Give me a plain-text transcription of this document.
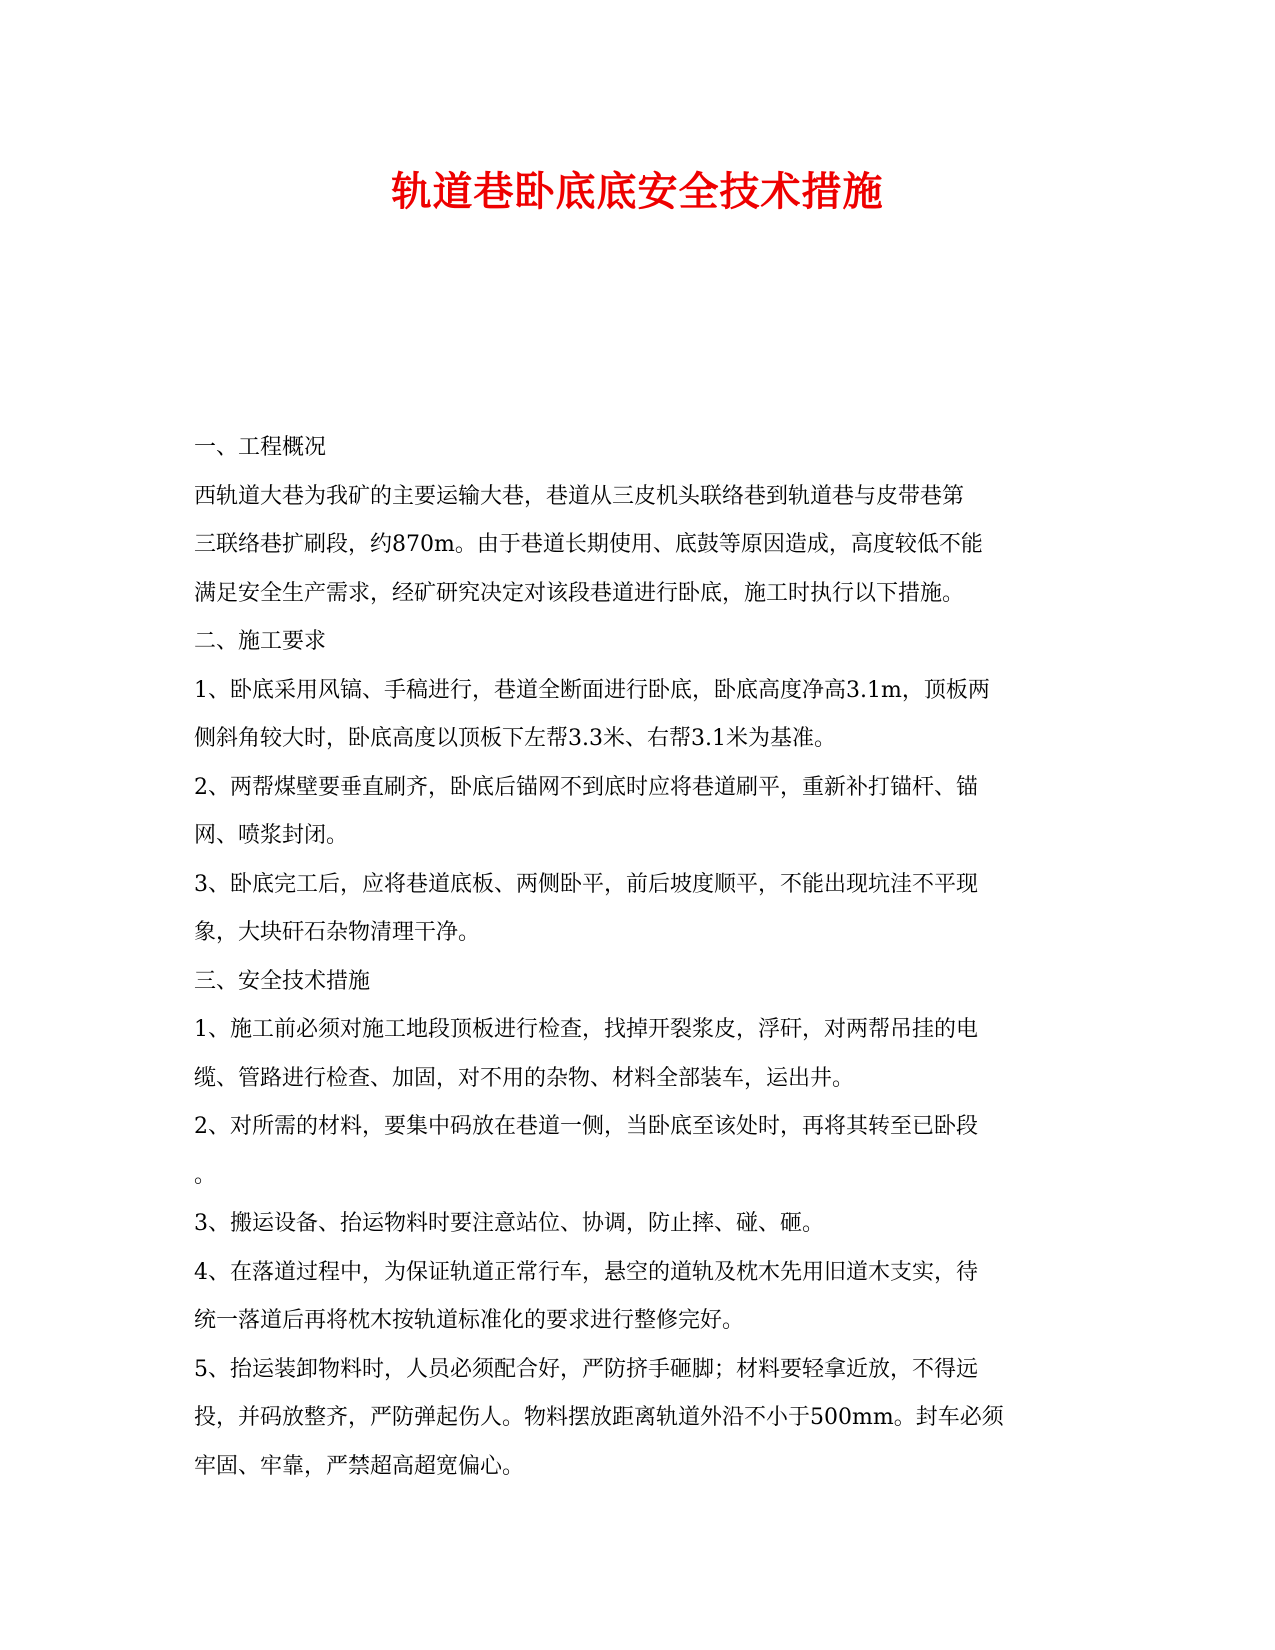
轨道巷卧底底安全技术措施

一、工程概况

西轨道大巷为我矿的主要运输大巷，巷道从三皮机头联络巷到轨道巷与皮带巷第

三联络巷扩刷段，约870m。由于巷道长期使用、底鼓等原因造成，高度较低不能

满足安全生产需求，经矿研究决定对该段巷道进行卧底，施工时执行以下措施。

二、施工要求

1、卧底采用风镐、手稿进行，巷道全断面进行卧底，卧底高度净高3.1m，顶板两

侧斜角较大时，卧底高度以顶板下左帮3.3米、右帮3.1米为基准。

2、两帮煤壁要垂直刷齐，卧底后锚网不到底时应将巷道刷平，重新补打锚杆、锚

网、喷浆封闭。

3、卧底完工后，应将巷道底板、两侧卧平，前后坡度顺平，不能出现坑洼不平现

象，大块矸石杂物清理干净。

三、安全技术措施

1、施工前必须对施工地段顶板进行检查，找掉开裂浆皮，浮矸，对两帮吊挂的电

缆、管路进行检查、加固，对不用的杂物、材料全部装车，运出井。

2、对所需的材料，要集中码放在巷道一侧，当卧底至该处时，再将其转至已卧段

。

3、搬运设备、抬运物料时要注意站位、协调，防止摔、碰、砸。

4、在落道过程中，为保证轨道正常行车，悬空的道轨及枕木先用旧道木支实，待

统一落道后再将枕木按轨道标准化的要求进行整修完好。

5、抬运装卸物料时，人员必须配合好，严防挤手砸脚；材料要轻拿近放，不得远

投，并码放整齐，严防弹起伤人。物料摆放距离轨道外沿不小于500mm。封车必须

牢固、牢靠，严禁超高超宽偏心。
